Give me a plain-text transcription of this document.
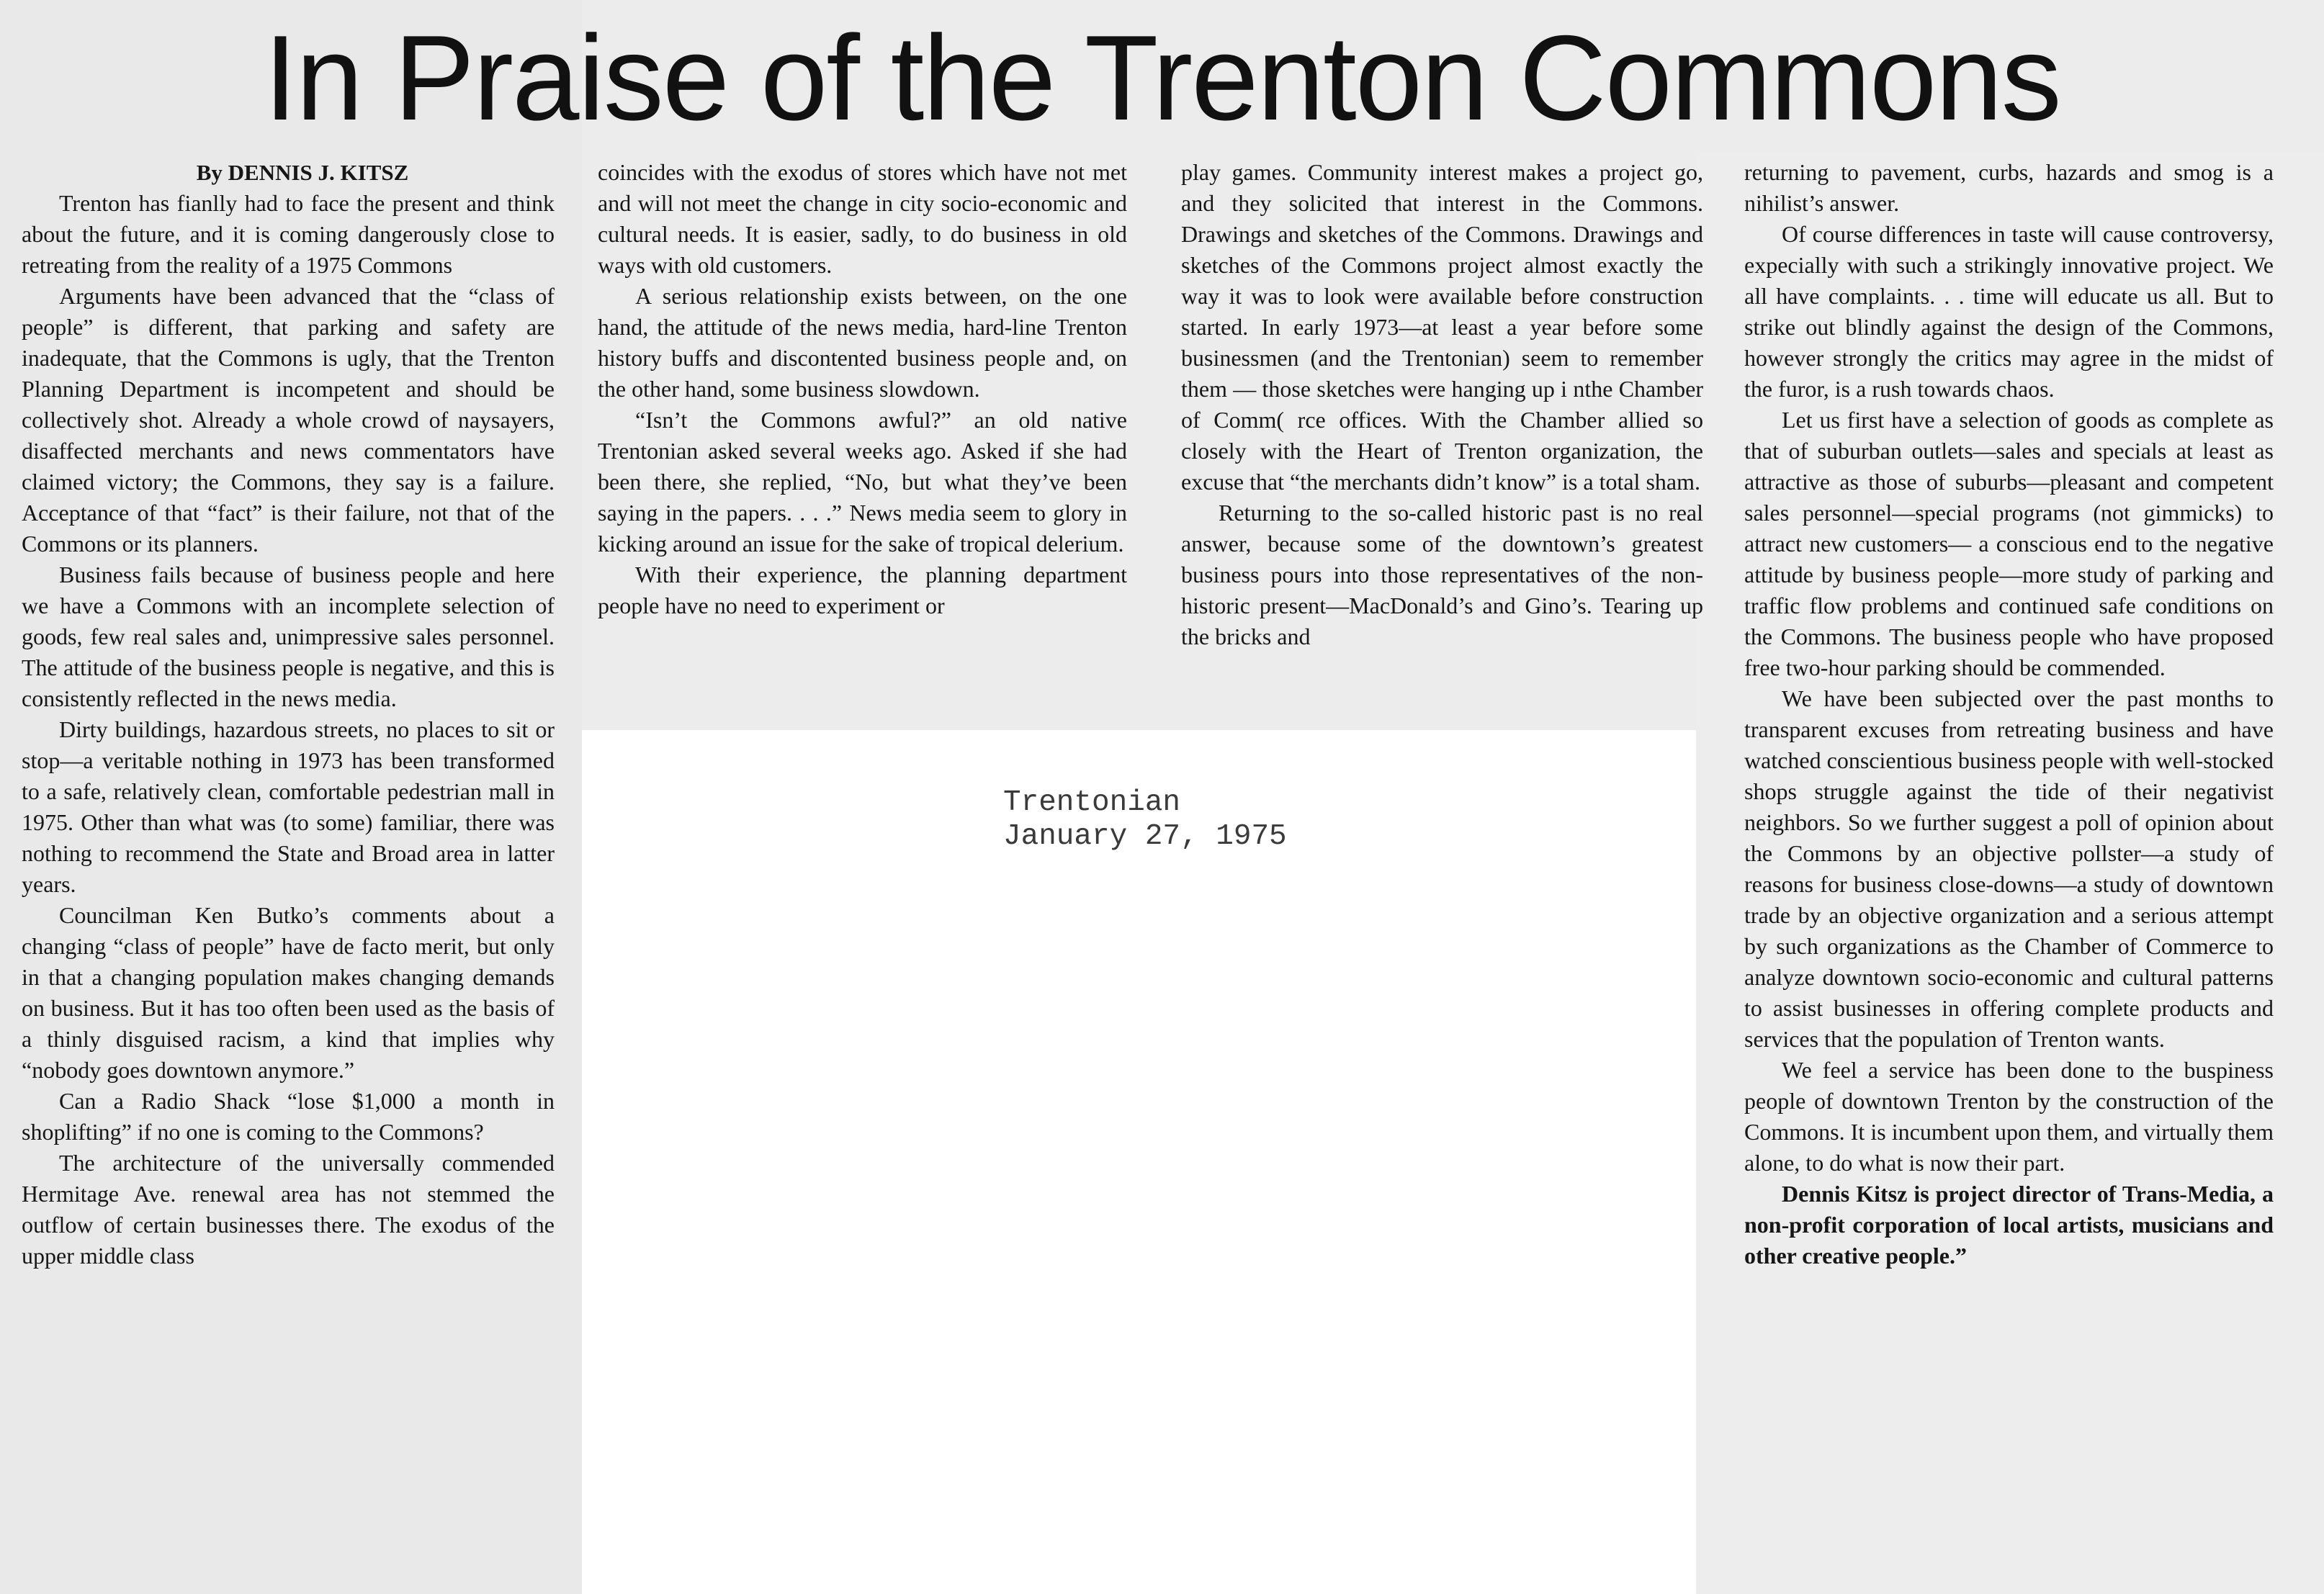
In Praise of the Trenton Commons
By DENNIS J. KITSZ

Trenton has fianlly had to face the present and think about the future, and it is coming dangerously close to retreating from the reality of a 1975 Commons

Arguments have been advanced that the “class of people” is different, that parking and safety are inadequate, that the Commons is ugly, that the Trenton Planning Department is incompetent and should be collectively shot. Already a whole crowd of naysayers, disaffected merchants and news commentators have claimed victory; the Commons, they say is a failure. Acceptance of that “fact” is their failure, not that of the Commons or its planners.

Business fails because of business people and here we have a Commons with an incomplete selection of goods, few real sales and, unimpressive sales personnel. The attitude of the business people is negative, and this is consistently reflected in the news media.

Dirty buildings, hazardous streets, no places to sit or stop—a veritable nothing in 1973 has been transformed to a safe, relatively clean, comfortable pedestrian mall in 1975. Other than what was (to some) familiar, there was nothing to recommend the State and Broad area in latter years.

Councilman Ken Butko’s comments about a changing “class of people” have de facto merit, but only in that a changing population makes changing demands on business. But it has too often been used as the basis of a thinly disguised racism, a kind that implies why “nobody goes downtown anymore.”

Can a Radio Shack “lose $1,000 a month in shoplifting” if no one is coming to the Commons?

The architecture of the universally commended Hermitage Ave. renewal area has not stemmed the outflow of certain businesses there. The exodus of the upper middle class

coincides with the exodus of stores which have not met and will not meet the change in city socio-economic and cultural needs. It is easier, sadly, to do business in old ways with old customers.

A serious relationship exists between, on the one hand, the attitude of the news media, hard-line Trenton history buffs and discontented business people and, on the other hand, some business slowdown.

“Isn’t the Commons awful?” an old native Trentonian asked several weeks ago. Asked if she had been there, she replied, “No, but what they’ve been saying in the papers. . . .” News media seem to glory in kicking around an issue for the sake of tropical delerium.

With their experience, the planning department people have no need to experiment or

play games. Community interest makes a project go, and they solicited that interest in the Commons. Drawings and sketches of the Commons. Drawings and sketches of the Commons project almost exactly the way it was to look were available before construction started. In early 1973—at least a year before some businessmen (and the Trentonian) seem to remember them — those sketches were hanging up i nthe Chamber of Comm( rce offices. With the Chamber allied so closely with the Heart of Trenton organization, the excuse that “the merchants didn’t know” is a total sham.

Returning to the so-called historic past is no real answer, because some of the downtown’s greatest business pours into those representatives of the non-historic present—MacDonald’s and Gino’s. Tearing up the bricks and

returning to pavement, curbs, hazards and smog is a nihilist’s answer.

Of course differences in taste will cause controversy, expecially with such a strikingly innovative project. We all have complaints. . . time will educate us all. But to strike out blindly against the design of the Commons, however strongly the critics may agree in the midst of the furor, is a rush towards chaos.

Let us first have a selection of goods as complete as that of suburban outlets—sales and specials at least as attractive as those of suburbs—pleasant and competent sales personnel—special programs (not gimmicks) to attract new customers— a conscious end to the negative attitude by business people—more study of parking and traffic flow problems and continued safe conditions on the Commons. The business people who have proposed free two-hour parking should be commended.

We have been subjected over the past months to transparent excuses from retreating business and have watched conscientious business people with well-stocked shops struggle against the tide of their negativist neighbors. So we further suggest a poll of opinion about the Commons by an objective pollster—a study of reasons for business close-downs—a study of downtown trade by an objective organization and a serious attempt by such organizations as the Chamber of Commerce to analyze downtown socio-economic and cultural patterns to assist businesses in offering complete products and services that the population of Trenton wants.

We feel a service has been done to the buspiness people of downtown Trenton by the construction of the Commons. It is incumbent upon them, and virtually them alone, to do what is now their part.

Dennis Kitsz is project director of Trans-Media, a non-profit corporation of local artists, musicians and other creative people.”

Trentonian
January 27, 1975
